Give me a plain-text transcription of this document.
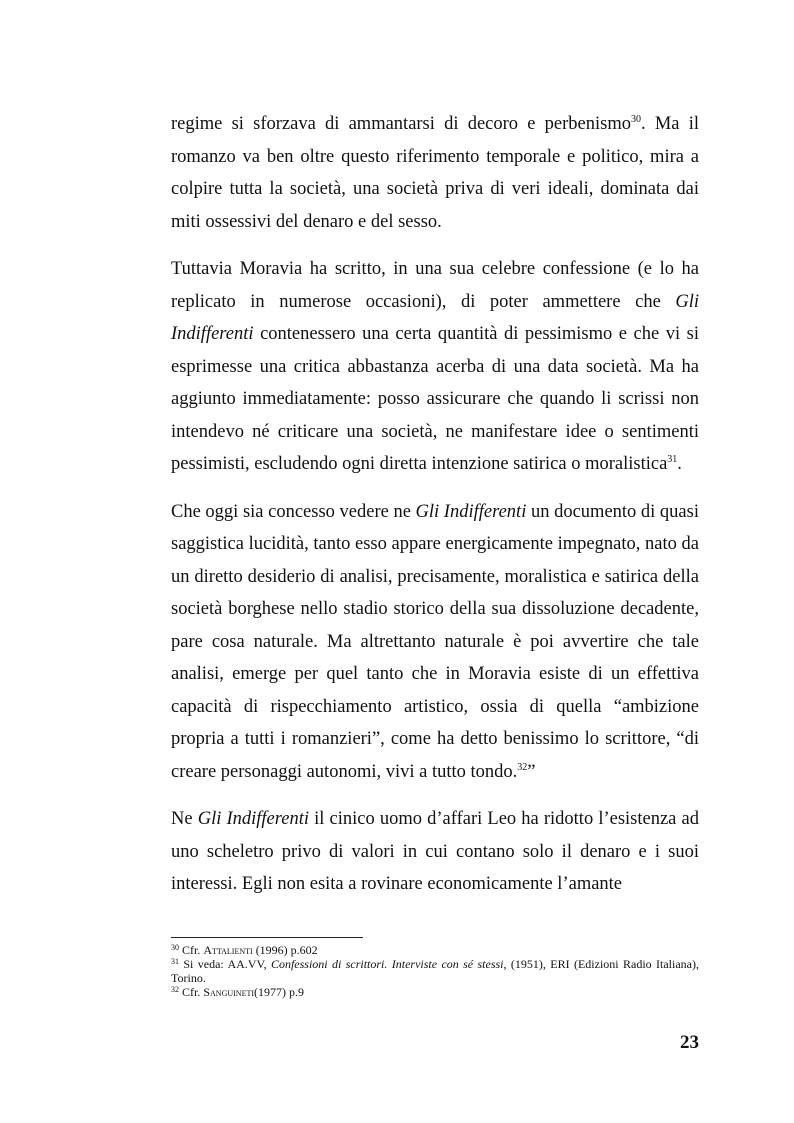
regime si sforzava di ammantarsi di decoro e perbenismo$^{30}$. Ma il romanzo va ben oltre questo riferimento temporale e politico, mira a colpire tutta la società, una società priva di veri ideali, dominata dai miti ossessivi del denaro e del sesso.

Tuttavia Moravia ha scritto, in una sua celebre confessione (e lo ha replicato in numerose occasioni), di poter ammettere che Gli Indifferenti contenessero una certa quantità di pessimismo e che vi si esprimesse una critica abbastanza acerba di una data società. Ma ha aggiunto immediatamente: posso assicurare che quando li scrissi non intendevo né criticare una società, ne manifestare idee o sentimenti pessimisti, escludendo ogni diretta intenzione satirica o moralistica$^{31}$.

Che oggi sia concesso vedere ne Gli Indifferenti un documento di quasi saggistica lucidità, tanto esso appare energicamente impegnato, nato da un diretto desiderio di analisi, precisamente, moralistica e satirica della società borghese nello stadio storico della sua dissoluzione decadente, pare cosa naturale. Ma altrettanto naturale è poi avvertire che tale analisi, emerge per quel tanto che in Moravia esiste di un effettiva capacità di rispecchiamento artistico, ossia di quella “ambizione propria a tutti i romanzieri”, come ha detto benissimo lo scrittore, “di creare personaggi autonomi, vivi a tutto tondo.$^{32}$”

Ne Gli Indifferenti il cinico uomo d’affari Leo ha ridotto l’esistenza ad uno scheletro privo di valori in cui contano solo il denaro e i suoi interessi. Egli non esita a rovinare economicamente l’amante

$^{30}$ Cfr. Attalienti (1996) p.602
$^{31}$ Si veda: AA.VV, Confessioni di scrittori. Interviste con sé stessi, (1951), ERI (Edizioni Radio Italiana), Torino.
$^{32}$ Cfr. Sanguineti(1977) p.9
23
